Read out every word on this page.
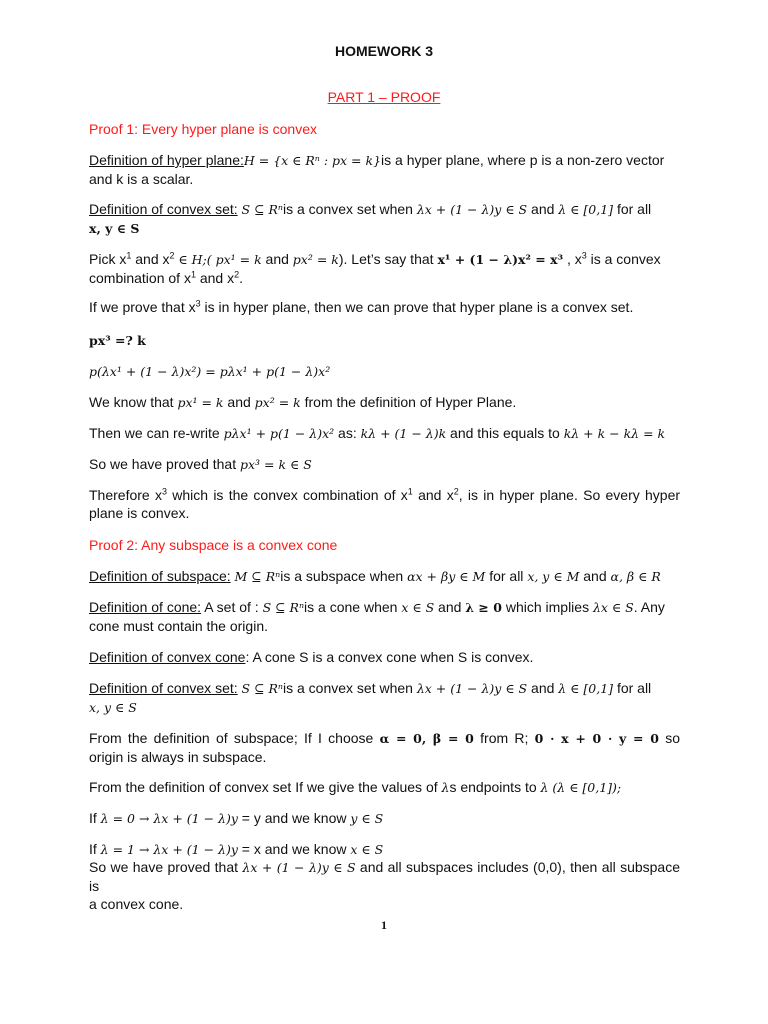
HOMEWORK 3
PART 1 – PROOF
Proof 1: Every hyper plane is convex
Definition of hyper plane:H = {x ∈ Rⁿ : px = k}is a hyper plane, where p is a non-zero vector
and k is a scalar.
Definition of convex set: S ⊆ Rⁿis a convex set when λx + (1 − λ)y ∈ S and λ ∈ [0,1] for all
x, y ∈ S
Pick $x^1$ and $x^2$ ∈ H;( px¹ = k and px² = k). Let’s say that x¹ + (1 − λ)x² = x³ , $x^3$ is a convex
combination of $x^1$ and $x^2$.
If we prove that $x^3$ is in hyper plane, then we can prove that hyper plane is a convex set.
px³ =? k
p(λx¹ + (1 − λ)x²) = pλx¹ + p(1 − λ)x²
We know that px¹ = k and px² = k from the definition of Hyper Plane.
Then we can re-write pλx¹ + p(1 − λ)x² as: kλ + (1 − λ)k and this equals to kλ + k − kλ = k
So we have proved that px³ = k ∈ S
Therefore $x^3$ which is the convex combination of $x^1$ and $x^2$, is in hyper plane. So every hyper
plane is convex.
Proof 2: Any subspace is a convex cone
Definition of subspace: M ⊆ Rⁿis a subspace when αx + βy ∈ M for all x, y ∈ M and α, β ∈ R
Definition of cone: A set of : S ⊆ Rⁿis a cone when x ∈ S and λ ≥ 0 which implies λx ∈ S. Any
cone must contain the origin.
Definition of convex cone: A cone S is a convex cone when S is convex.
Definition of convex set: S ⊆ Rⁿis a convex set when λx + (1 − λ)y ∈ S and λ ∈ [0,1] for all
x, y ∈ S
From the definition of subspace; If I choose α = 0, β = 0 from R; 0 · x + 0 · y = 0 so
origin is always in subspace.
From the definition of convex set If we give the values of λs endpoints to λ (λ ∈ [0,1]);
If λ = 0 → λx + (1 − λ)y = y and we know y ∈ S
If λ = 1 → λx + (1 − λ)y = x and we know x ∈ S
So we have proved that λx + (1 − λ)y ∈ S and all subspaces includes (0,0), then all subspace is
a convex cone.
1
